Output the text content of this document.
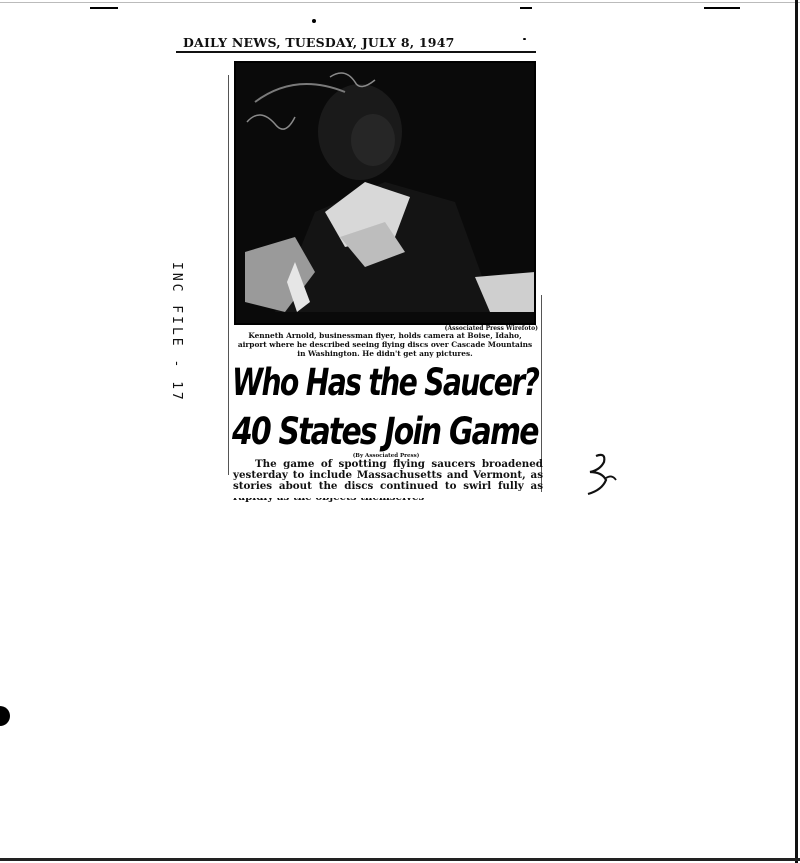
DAILY NEWS, TUESDAY, JULY 8, 1947
INC FILE - 17	(Associated Press Wirefoto)
Kenneth Arnold, businessman flyer, holds camera at Boise, Idaho, airport where he described seeing flying discs over Cascade Mountains in Washington. He didn't get any pictures.
Who Has the Saucer?
40 States Join Game
(By Associated Press)

The game of spotting flying saucers broadened yesterday to include Massachusetts and Vermont, as stories about the discs continued to swirl fully as
